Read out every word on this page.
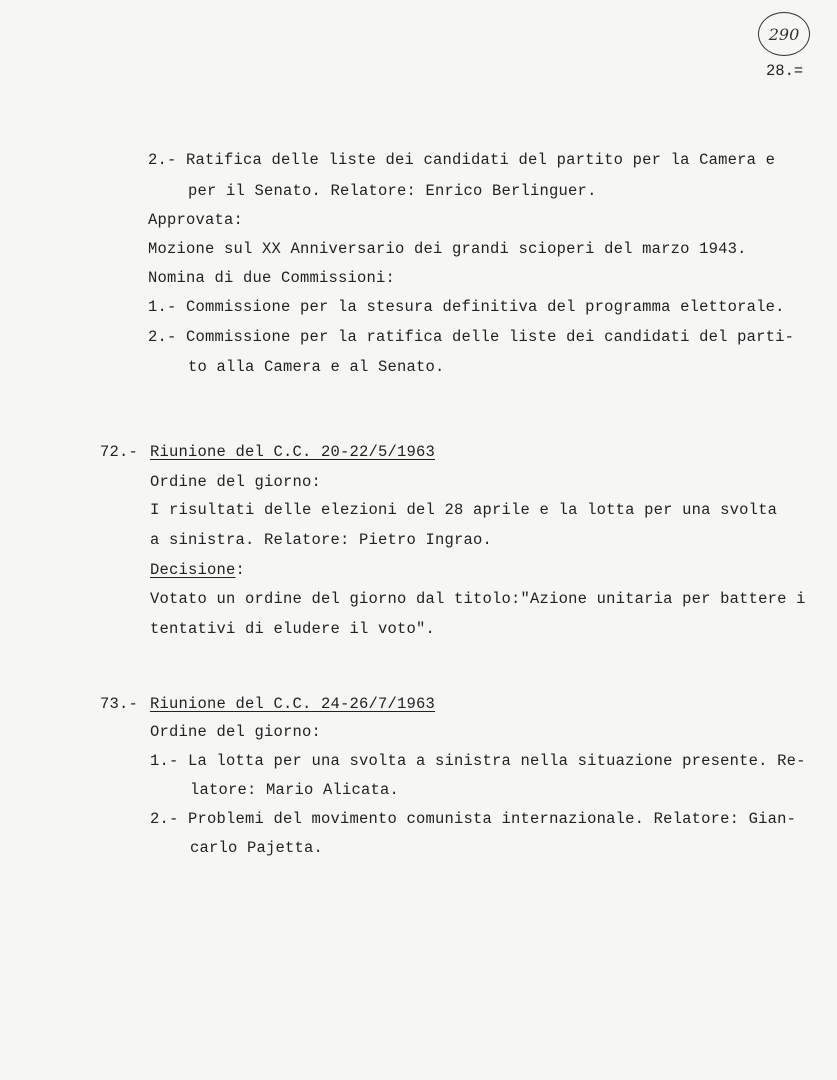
290
28.=
2.- Ratifica delle liste dei candidati del partito per la Camera e
per il Senato. Relatore: Enrico Berlinguer.
Approvata:
Mozione sul XX Anniversario dei grandi scioperi del marzo 1943.
Nomina di due Commissioni:
1.- Commissione per la stesura definitiva del programma elettorale.
2.- Commissione per la ratifica delle liste dei candidati del parti-
to alla Camera e al Senato.
72.- Riunione del C.C. 20-22/5/1963
Ordine del giorno:
I risultati delle elezioni del 28 aprile e la lotta per una svolta
a sinistra. Relatore: Pietro Ingrao.
Decisione:
Votato un ordine del giorno dal titolo:"Azione unitaria per battere i
tentativi di eludere il voto".
73.- Riunione del C.C. 24-26/7/1963
Ordine del giorno:
1.- La lotta per una svolta a sinistra nella situazione presente. Re-
latore: Mario Alicata.
2.- Problemi del movimento comunista internazionale. Relatore: Gian-
carlo Pajetta.
